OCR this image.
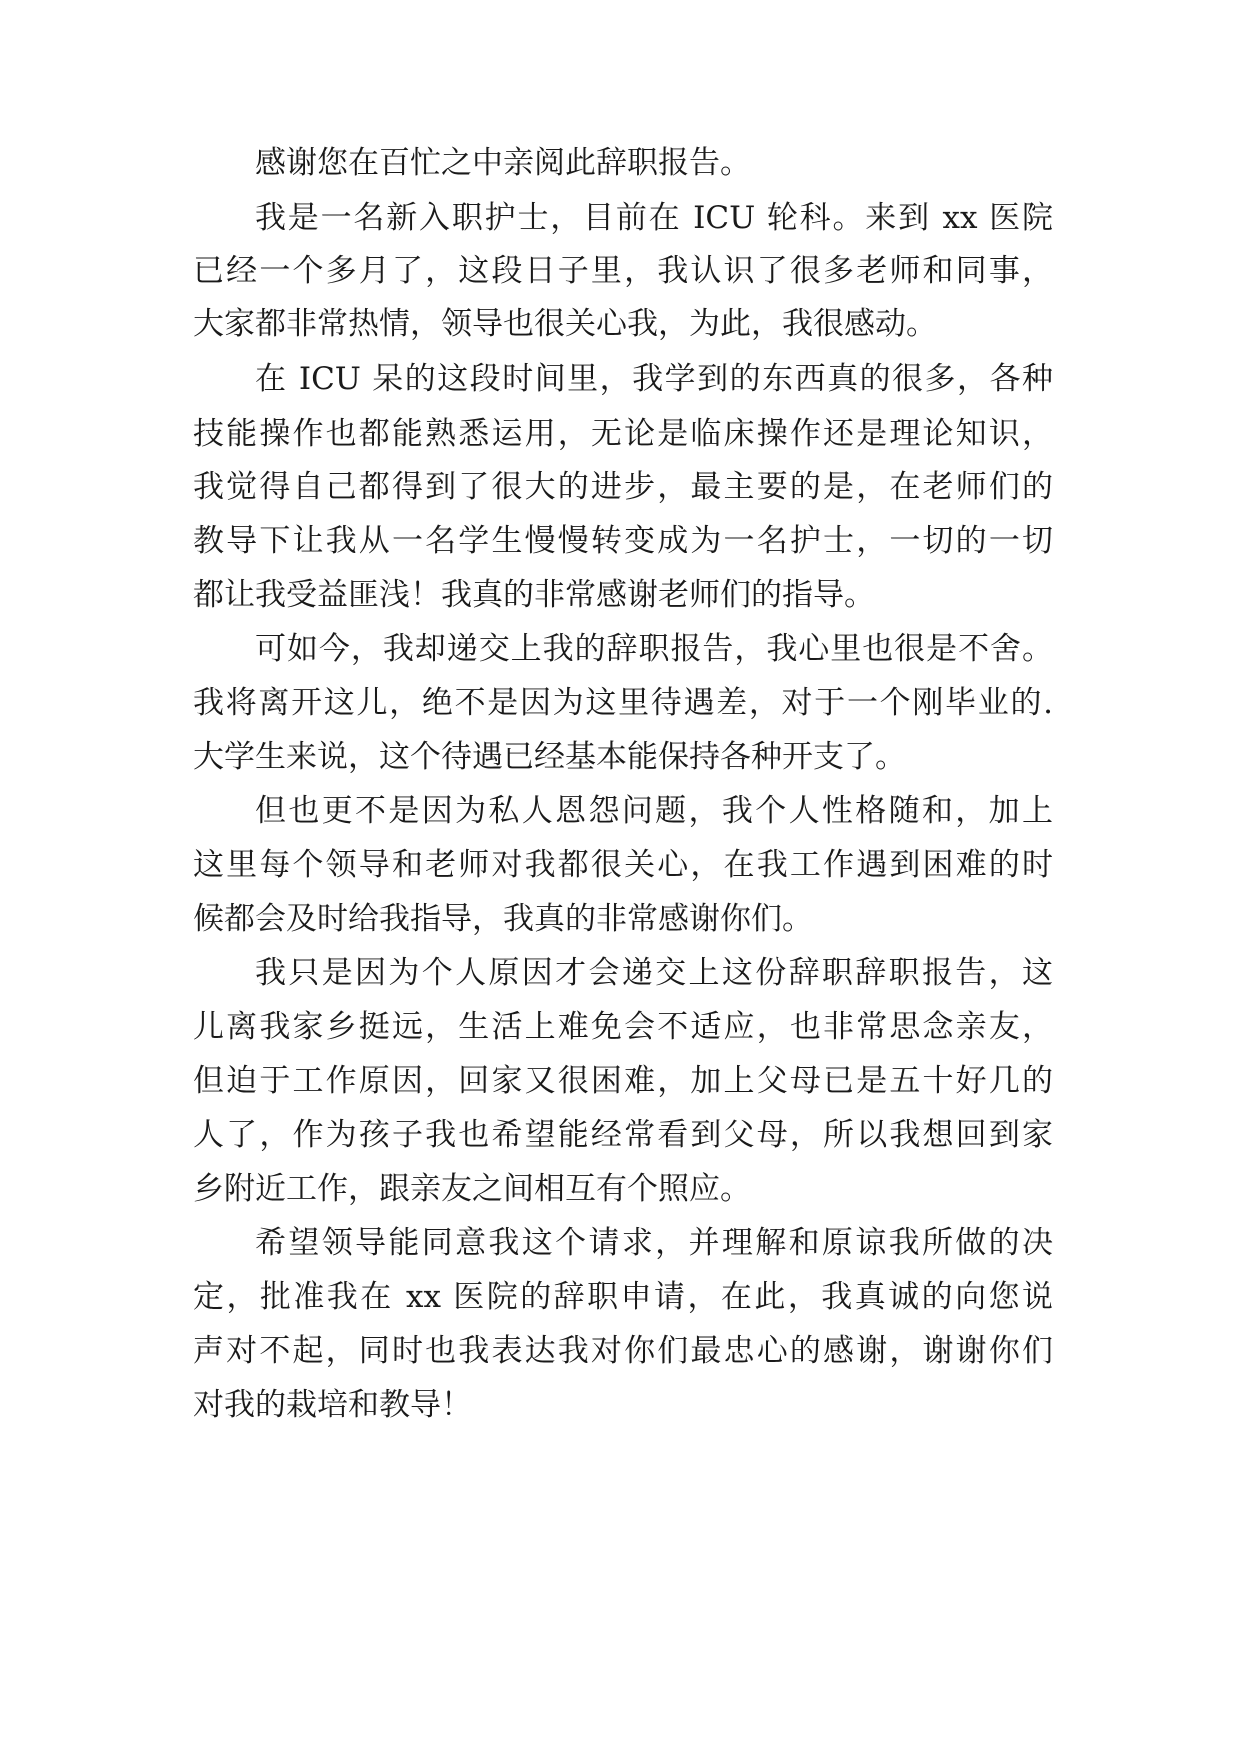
感谢您在百忙之中亲阅此辞职报告。
我是一名新入职护士，目前在 ICU 轮科。来到 xx 医院
已经一个多月了，这段日子里，我认识了很多老师和同事，
大家都非常热情，领导也很关心我，为此，我很感动。
在 ICU 呆的这段时间里，我学到的东西真的很多，各种
技能操作也都能熟悉运用，无论是临床操作还是理论知识，
我觉得自己都得到了很大的进步，最主要的是，在老师们的
教导下让我从一名学生慢慢转变成为一名护士，一切的一切
都让我受益匪浅！我真的非常感谢老师们的指导。
可如今，我却递交上我的辞职报告，我心里也很是不舍。
我将离开这儿，绝不是因为这里待遇差，对于一个刚毕业的.
大学生来说，这个待遇已经基本能保持各种开支了。
但也更不是因为私人恩怨问题，我个人性格随和，加上
这里每个领导和老师对我都很关心，在我工作遇到困难的时
候都会及时给我指导，我真的非常感谢你们。
我只是因为个人原因才会递交上这份辞职辞职报告，这
儿离我家乡挺远，生活上难免会不适应，也非常思念亲友，
但迫于工作原因，回家又很困难，加上父母已是五十好几的
人了，作为孩子我也希望能经常看到父母，所以我想回到家
乡附近工作，跟亲友之间相互有个照应。
希望领导能同意我这个请求，并理解和原谅我所做的决
定，批准我在 xx 医院的辞职申请，在此，我真诚的向您说
声对不起，同时也我表达我对你们最忠心的感谢，谢谢你们
对我的栽培和教导！
